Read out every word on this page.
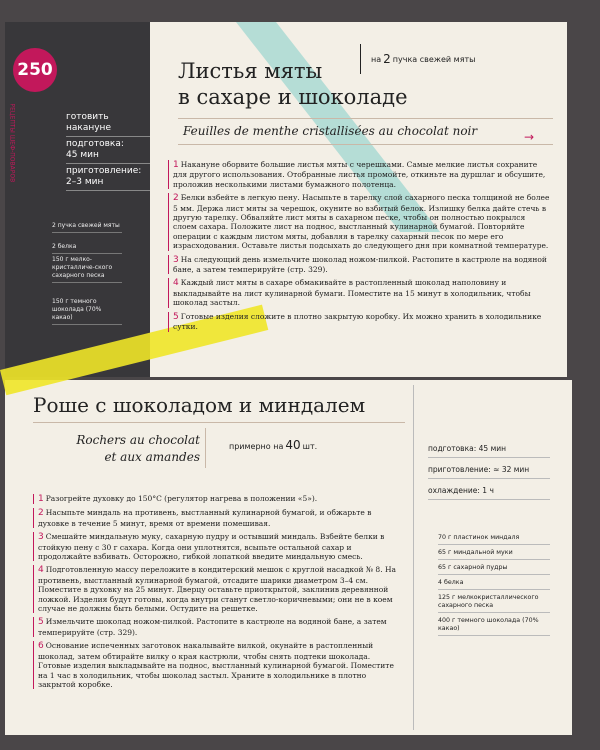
250
РЕЦЕПТЫ ШЕФ-ПОВАРОВ	готовить
накануне
подготовка:
45 мин
приготовление:
2–3 мин
2 пучка свежей мяты
2 белка
150 г мелко-кристалличе-ского сахарного песка
150 г темного шоколада (70% какао)
Листья мяты
в сахаре и шоколаде
на 2 пучка свежей мяты
Feuilles de menthe cristallisées au chocolat noir	→
1 Накануне оборвите большие листья мяты с черешками. Самые мелкие листья сохраните для другого использования. Отобранные листья промойте, откиньте на дуршлаг и обсушите, проложив несколькими листами бумажного полотенца.
2 Белки взбейте в легкую пену. Насыпьте в тарелку слой сахарного песка толщиной не более 5 мм. Держа лист мяты за черешок, окуните во взбитый белок. Излишку белка дайте стечь в другую тарелку. Обваляйте лист мяты в сахарном песке, чтобы он полностью покрылся слоем сахара. Положите лист на поднос, выстланный кулинарной бумагой. Повторяйте операции с каждым листом мяты, добавляя в тарелку сахарный песок по мере его израсходования. Оставьте листья подсыхать до следующего дня при комнатной температуре.
3 На следующий день измельчите шоколад ножом-пилкой. Растопите в кастрюле на водяной бане, а затем темперируйте (стр. 329).
4 Каждый лист мяты в сахаре обмакивайте в растопленный шоколад наполовину и выкладывайте на лист кулинарной бумаги. Поместите на 15 минут в холодильник, чтобы шоколад застыл.
5 Готовые изделия сложите в плотно закрытую коробку. Их можно хранить в холодильнике сутки.
Роше с шоколадом и миндалем
Rochers au chocolat
et aux amandes
примерно на 40 шт.	подготовка: 45 мин
приготовление: ≈ 32 мин
охлаждение: 1 ч
70 г пластинок миндаля
65 г миндальной муки
65 г сахарной пудры
4 белка
125 г мелкокристаллического сахарного песка
400 г темного шоколада (70% какао)
1 Разогрейте духовку до 150°C (регулятор нагрева в положении «5»).
2 Насыпьте миндаль на противень, выстланный кулинарной бумагой, и обжарьте в духовке в течение 5 минут, время от времени помешивая.
3 Смешайте миндальную муку, сахарную пудру и остывший миндаль. Взбейте белки в стойкую пену с 30 г сахара. Когда они уплотнятся, всыпьте остальной сахар и продолжайте взбивать. Осторожно, гибкой лопаткой введите миндальную смесь.
4 Подготовленную массу переложите в кондитерский мешок с круглой насадкой № 8. На противень, выстланный кулинарной бумагой, отсадите шарики диаметром 3–4 см. Поместите в духовку на 25 минут. Дверцу оставьте приоткрытой, заклинив деревянной ложкой. Изделия будут готовы, когда внутри станут светло-коричневыми; они не в коем случае не должны быть белыми. Остудите на решетке.
5 Измельчите шоколад ножом-пилкой. Растопите в кастрюле на водяной бане, а затем темперируйте (стр. 329).
6 Основание испеченных заготовок накалывайте вилкой, окунайте в растопленный шоколад, затем обтирайте вилку о края кастрюли, чтобы снять подтеки шоколада. Готовые изделия выкладывайте на поднос, выстланный кулинарной бумагой. Поместите на 1 час в холодильник, чтобы шоколад застыл. Храните в холодильнике в плотно закрытой коробке.
